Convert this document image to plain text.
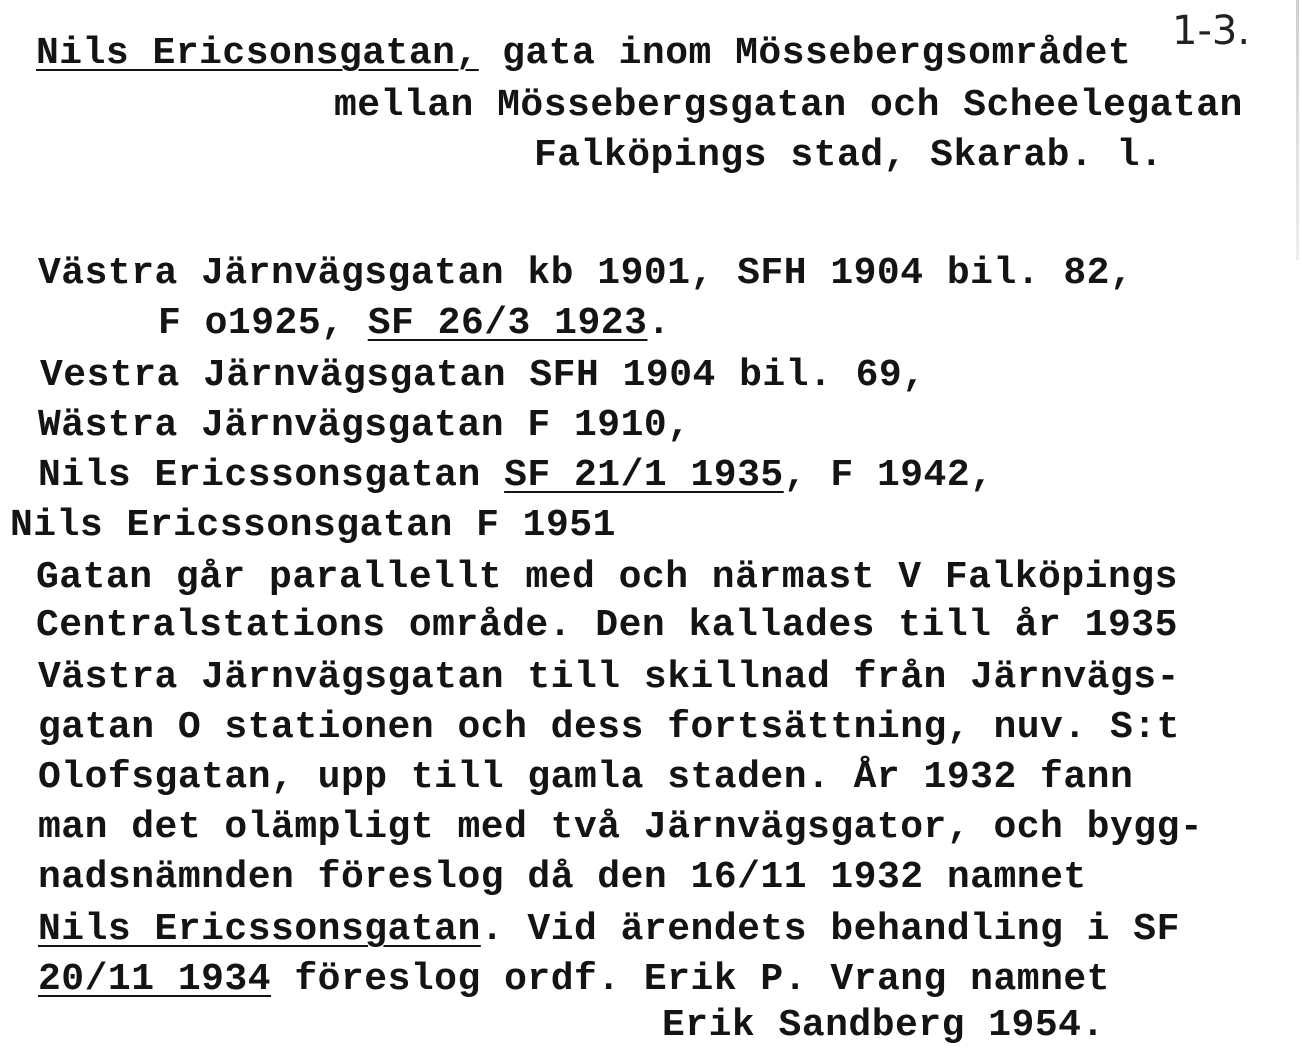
Nils Ericsonsgatan, gata inom Mössebergsområdet 1-3.
mellan Mössebergsgatan och Scheelegatan
Falköpings stad, Skarab. l.
Västra Järnvägsgatan kb 1901, SFH 1904 bil. 82,
F o1925, SF 26/3 1923.
Vestra Järnvägsgatan SFH 1904 bil. 69,
Wästra Järnvägsgatan F 1910,
Nils Ericssonsgatan SF 21/1 1935, F 1942,
Nils Ericssonsgatan F 1951
Gatan går parallellt med och närmast V Falköpings
Centralstations område. Den kallades till år 1935
Västra Järnvägsgatan till skillnad från Järnvägs-
gatan O stationen och dess fortsättning, nuv. S:t
Olofsgatan, upp till gamla staden. År 1932 fann
man det olämpligt med två Järnvägsgator, och bygg-
nadsnämnden föreslog då den 16/11 1932 namnet
Nils Ericssonsgatan. Vid ärendets behandling i SF
20/11 1934 föreslog ordf. Erik P. Vrang namnet
Erik Sandberg 1954.
